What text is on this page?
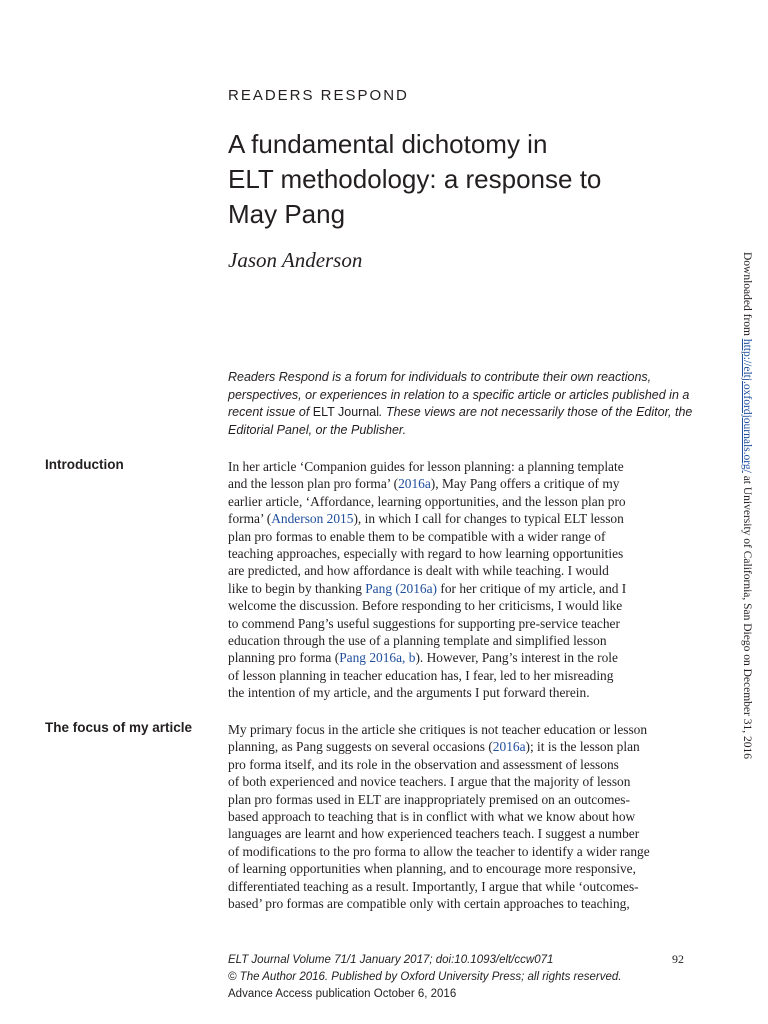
READERS RESPOND

A fundamental dichotomy in
ELT methodology: a response to
May Pang

Jason Anderson

Readers Respond is a forum for individuals to contribute their own reactions, perspectives, or experiences in relation to a specific article or articles published in a recent issue of ELT Journal. These views are not necessarily those of the Editor, the Editorial Panel, or the Publisher.

Introduction	In her article ‘Companion guides for lesson planning: a planning template
and the lesson plan pro forma’ (2016a), May Pang offers a critique of my
earlier article, ‘Affordance, learning opportunities, and the lesson plan pro
forma’ (Anderson 2015), in which I call for changes to typical ELT lesson
plan pro formas to enable them to be compatible with a wider range of
teaching approaches, especially with regard to how learning opportunities
are predicted, and how affordance is dealt with while teaching. I would
like to begin by thanking Pang (2016a) for her critique of my article, and I
welcome the discussion. Before responding to her criticisms, I would like
to commend Pang’s useful suggestions for supporting pre-service teacher
education through the use of a planning template and simplified lesson
planning pro forma (Pang 2016a, b). However, Pang’s interest in the role
of lesson planning in teacher education has, I fear, led to her misreading
the intention of my article, and the arguments I put forward therein.
The focus of my article	My primary focus in the article she critiques is not teacher education or lesson
planning, as Pang suggests on several occasions (2016a); it is the lesson plan
pro forma itself, and its role in the observation and assessment of lessons
of both experienced and novice teachers. I argue that the majority of lesson
plan pro formas used in ELT are inappropriately premised on an outcomes-
based approach to teaching that is in conflict with what we know about how
languages are learnt and how experienced teachers teach. I suggest a number
of modifications to the pro forma to allow the teacher to identify a wider range
of learning opportunities when planning, and to encourage more responsive,
differentiated teaching as a result. Importantly, I argue that while ‘outcomes-
based’ pro formas are compatible only with certain approaches to teaching,
ELT Journal Volume 71/1 January 2017; doi:10.1093/elt/ccw071
© The Author 2016. Published by Oxford University Press; all rights reserved.
Advance Access publication October 6, 2016
92
Downloaded from http://eltj.oxfordjournals.org/ at University of California, San Diego on December 31, 2016
